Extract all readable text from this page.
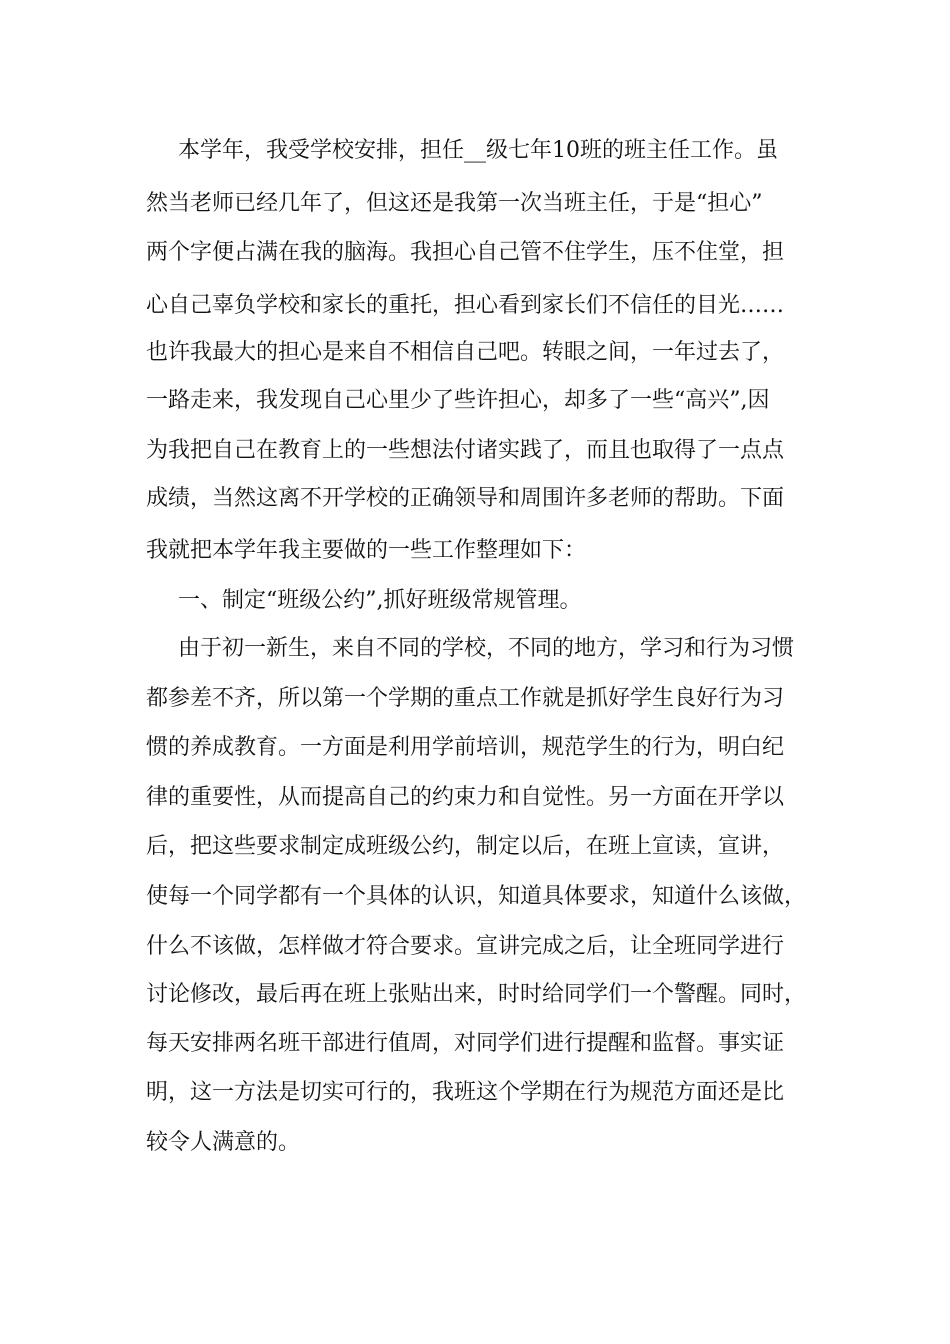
本学年，我受学校安排，担任__级七年10班的班主任工作。虽
然当老师已经几年了，但这还是我第一次当班主任，于是“担心”
两个字便占满在我的脑海。我担心自己管不住学生，压不住堂，担
心自己辜负学校和家长的重托，担心看到家长们不信任的目光……
也许我最大的担心是来自不相信自己吧。转眼之间，一年过去了，
一路走来，我发现自己心里少了些许担心，却多了一些“高兴”,因
为我把自己在教育上的一些想法付诸实践了，而且也取得了一点点
成绩，当然这离不开学校的正确领导和周围许多老师的帮助。下面
我就把本学年我主要做的一些工作整理如下：
一、制定“班级公约”,抓好班级常规管理。
由于初一新生，来自不同的学校，不同的地方，学习和行为习惯
都参差不齐，所以第一个学期的重点工作就是抓好学生良好行为习
惯的养成教育。一方面是利用学前培训，规范学生的行为，明白纪
律的重要性，从而提高自己的约束力和自觉性。另一方面在开学以
后，把这些要求制定成班级公约，制定以后，在班上宣读，宣讲，
使每一个同学都有一个具体的认识，知道具体要求，知道什么该做，
什么不该做，怎样做才符合要求。宣讲完成之后，让全班同学进行
讨论修改，最后再在班上张贴出来，时时给同学们一个警醒。同时，
每天安排两名班干部进行值周，对同学们进行提醒和监督。事实证
明，这一方法是切实可行的，我班这个学期在行为规范方面还是比
较令人满意的。
